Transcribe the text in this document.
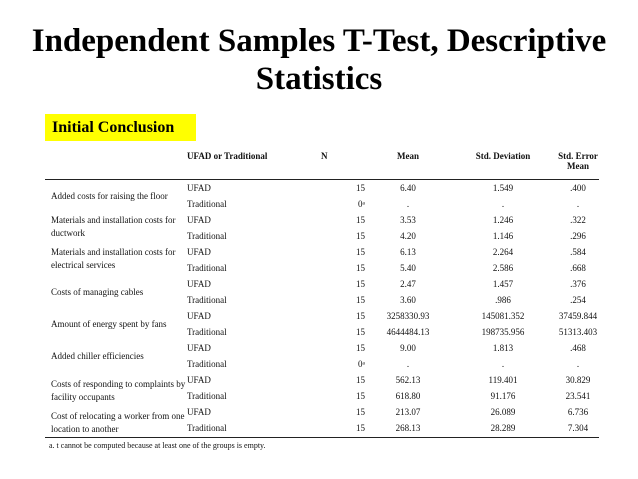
Independent Samples T-Test, Descriptive Statistics
Initial Conclusion
UFAD or Traditional	N	Mean	Std. Deviation	Std. Error Mean
Added costs for raising the floor
UFAD	15	6.40	1.549	.400
Traditional	0ᵃ	.	.	.
Materials and installation costs for ductwork
UFAD	15	3.53	1.246	.322
Traditional	15	4.20	1.146	.296
Materials and installation costs for electrical services
UFAD	15	6.13	2.264	.584
Traditional	15	5.40	2.586	.668
Costs of managing cables
UFAD	15	2.47	1.457	.376
Traditional	15	3.60	.986	.254
Amount of energy spent by fans
UFAD	15	3258330.93	145081.352	37459.844
Traditional	15	4644484.13	198735.956	51313.403
Added chiller efficiencies
UFAD	15	9.00	1.813	.468
Traditional	0ᵃ	.	.	.
Costs of responding to complaints by facility occupants
UFAD	15	562.13	119.401	30.829
Traditional	15	618.80	91.176	23.541
Cost of relocating a worker from one location to another
UFAD	15	213.07	26.089	6.736
Traditional	15	268.13	28.289	7.304
a. t cannot be computed because at least one of the groups is empty.
